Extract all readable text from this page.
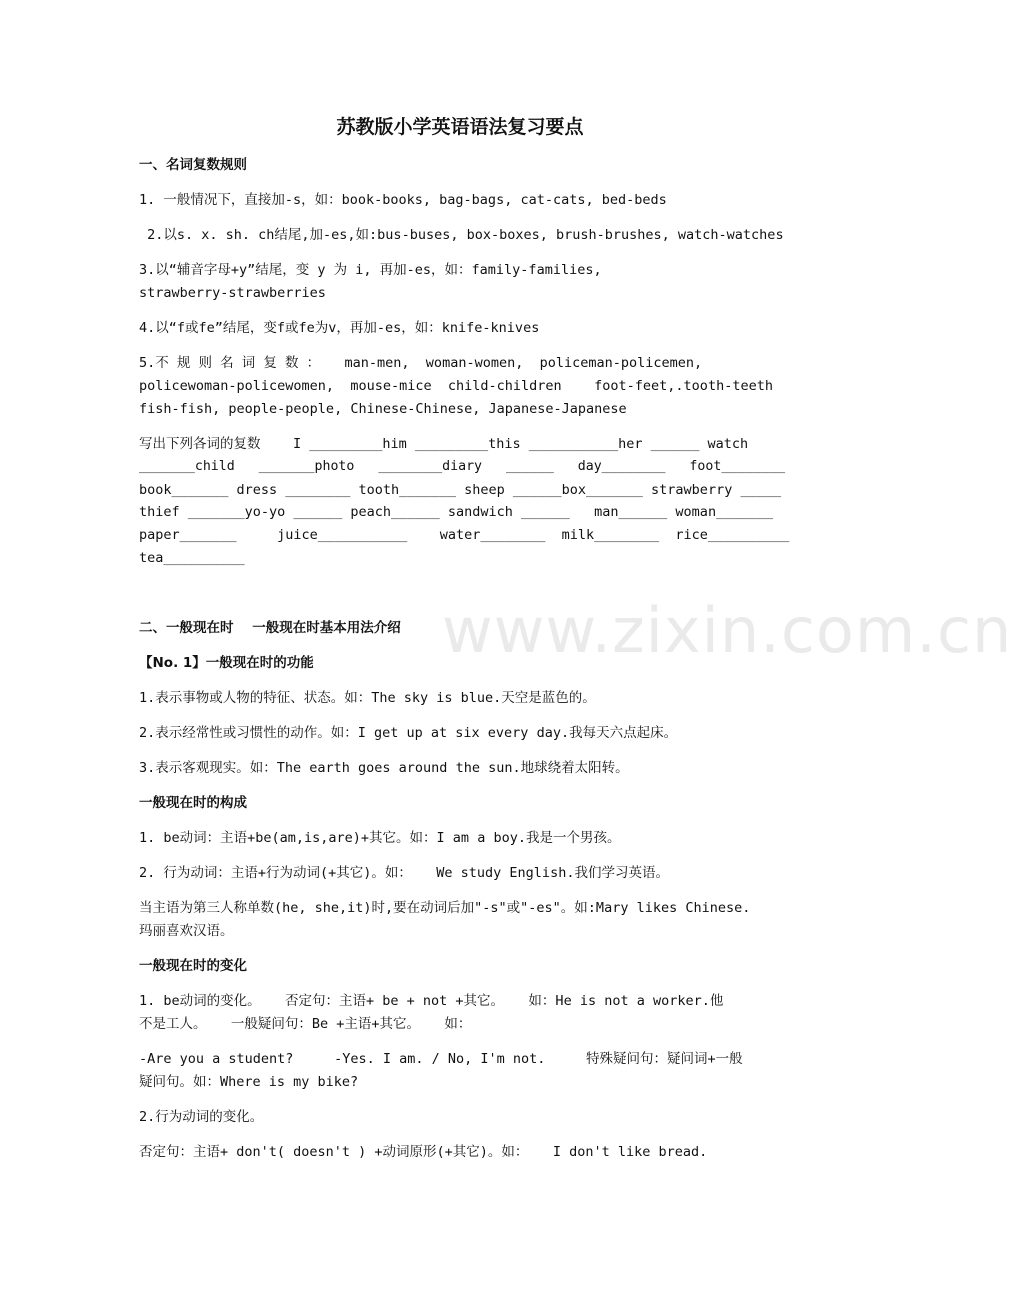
www.zixin.com.cn
苏教版小学英语语法复习要点
一、名词复数规则
1. 一般情况下，直接加-s，如：book-books, bag-bags, cat-cats, bed-beds
2.以s. x. sh. ch结尾,加-es,如:bus-buses, box-boxes, brush-brushes, watch-watches
3.以“辅音字母+y”结尾，变 y 为 i, 再加-es，如：family-families,
strawberry-strawberries
4.以“f或fe”结尾，变f或fe为v，再加-es，如：knife-knives
5.不 规 则 名 词 复 数 ：   man-men,  woman-women,  policeman-policemen,
policewoman-policewomen,  mouse-mice  child-children    foot-feet,.tooth-teeth
fish-fish, people-people, Chinese-Chinese, Japanese-Japanese
写出下列各词的复数    I _________him _________this ___________her ______ watch
_______child   _______photo   ________diary   ______   day________   foot________
book_______ dress ________ tooth_______ sheep ______box_______ strawberry _____
thief _______yo-yo ______ peach______ sandwich ______   man______ woman_______
paper_______     juice___________    water________  milk________  rice__________
tea__________
二、一般现在时    一般现在时基本用法介绍
【No. 1】一般现在时的功能
1.表示事物或人物的特征、状态。如：The sky is blue.天空是蓝色的。
2.表示经常性或习惯性的动作。如：I get up at six every day.我每天六点起床。
3.表示客观现实。如：The earth goes around the sun.地球绕着太阳转。
一般现在时的构成
1. be动词：主语+be(am,is,are)+其它。如：I am a boy.我是一个男孩。
2. 行为动词：主语+行为动词(+其它)。如：   We study English.我们学习英语。
当主语为第三人称单数(he, she,it)时,要在动词后加"-s"或"-es"。如:Mary likes Chinese.
玛丽喜欢汉语。
一般现在时的变化
1. be动词的变化。   否定句：主语+ be + not +其它。   如：He is not a worker.他
不是工人。   一般疑问句：Be +主语+其它。   如：
-Are you a student?     -Yes. I am. / No, I'm not.     特殊疑问句：疑问词+一般
疑问句。如：Where is my bike?
2.行为动词的变化。
否定句：主语+ don't( doesn't ) +动词原形(+其它)。如：   I don't like bread.
